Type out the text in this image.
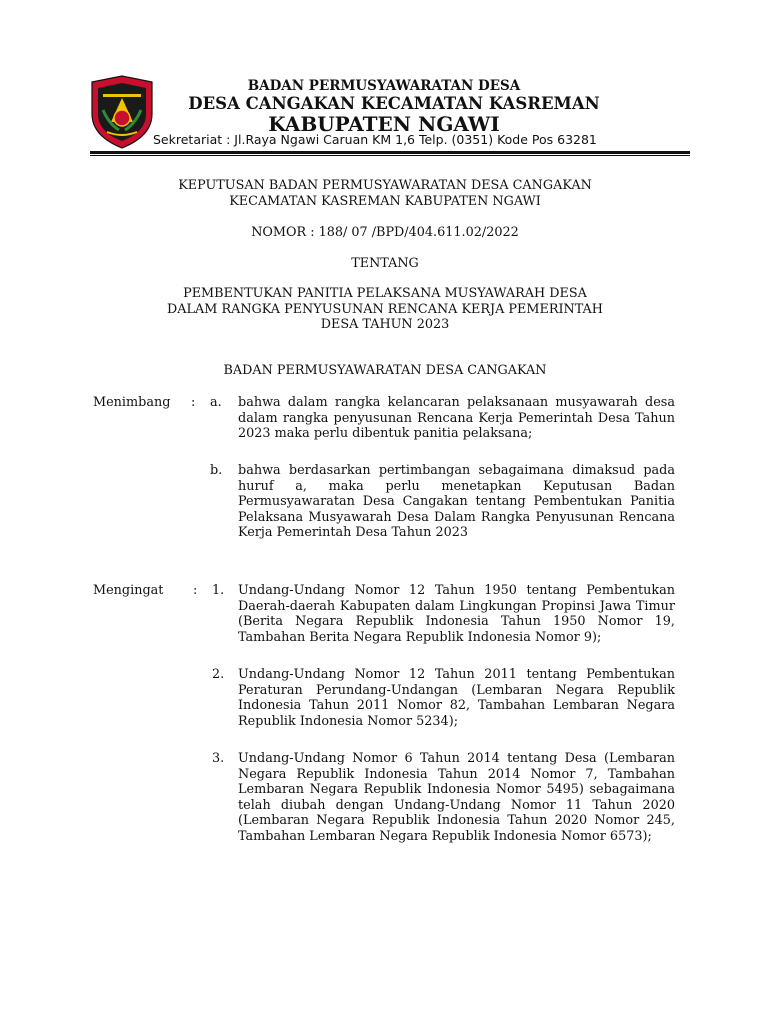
BADAN PERMUSYAWARATAN DESA
DESA CANGAKAN KECAMATAN KASREMAN
KABUPATEN NGAWI
Sekretariat : Jl.Raya Ngawi Caruan KM 1,6 Telp. (0351) Kode Pos 63281
KEPUTUSAN BADAN PERMUSYAWARATAN DESA CANGAKAN
KECAMATAN KASREMAN KABUPATEN NGAWI
NOMOR : 188/ 07 /BPD/404.611.02/2022
TENTANG
PEMBENTUKAN PANITIA PELAKSANA MUSYAWARAH DESA
DALAM RANGKA PENYUSUNAN RENCANA KERJA PEMERINTAH
DESA TAHUN 2023
BADAN PERMUSYAWARATAN DESA CANGAKAN
Menimbang : a. bahwa dalam rangka kelancaran pelaksanaan musyawarah desa dalam rangka penyusunan Rencana Kerja Pemerintah Desa Tahun 2023 maka perlu dibentuk panitia pelaksana;
b. bahwa berdasarkan pertimbangan sebagaimana dimaksud pada huruf a, maka perlu menetapkan Keputusan Badan Permusyawaratan Desa Cangakan tentang Pembentukan Panitia Pelaksana Musyawarah Desa Dalam Rangka Penyusunan Rencana Kerja Pemerintah Desa Tahun 2023
Mengingat : 1. Undang-Undang Nomor 12 Tahun 1950 tentang Pembentukan Daerah-daerah Kabupaten dalam Lingkungan Propinsi Jawa Timur (Berita Negara Republik Indonesia Tahun 1950 Nomor 19, Tambahan Berita Negara Republik Indonesia Nomor 9);
2. Undang-Undang Nomor 12 Tahun 2011 tentang Pembentukan Peraturan Perundang-Undangan (Lembaran Negara Republik Indonesia Tahun 2011 Nomor 82, Tambahan Lembaran Negara Republik Indonesia Nomor 5234);
3. Undang-Undang Nomor 6 Tahun 2014 tentang Desa (Lembaran Negara Republik Indonesia Tahun 2014 Nomor 7, Tambahan Lembaran Negara Republik Indonesia Nomor 5495) sebagaimana telah diubah dengan Undang-Undang Nomor 11 Tahun 2020 (Lembaran Negara Republik Indonesia Tahun 2020 Nomor 245, Tambahan Lembaran Negara Republik Indonesia Nomor 6573);
